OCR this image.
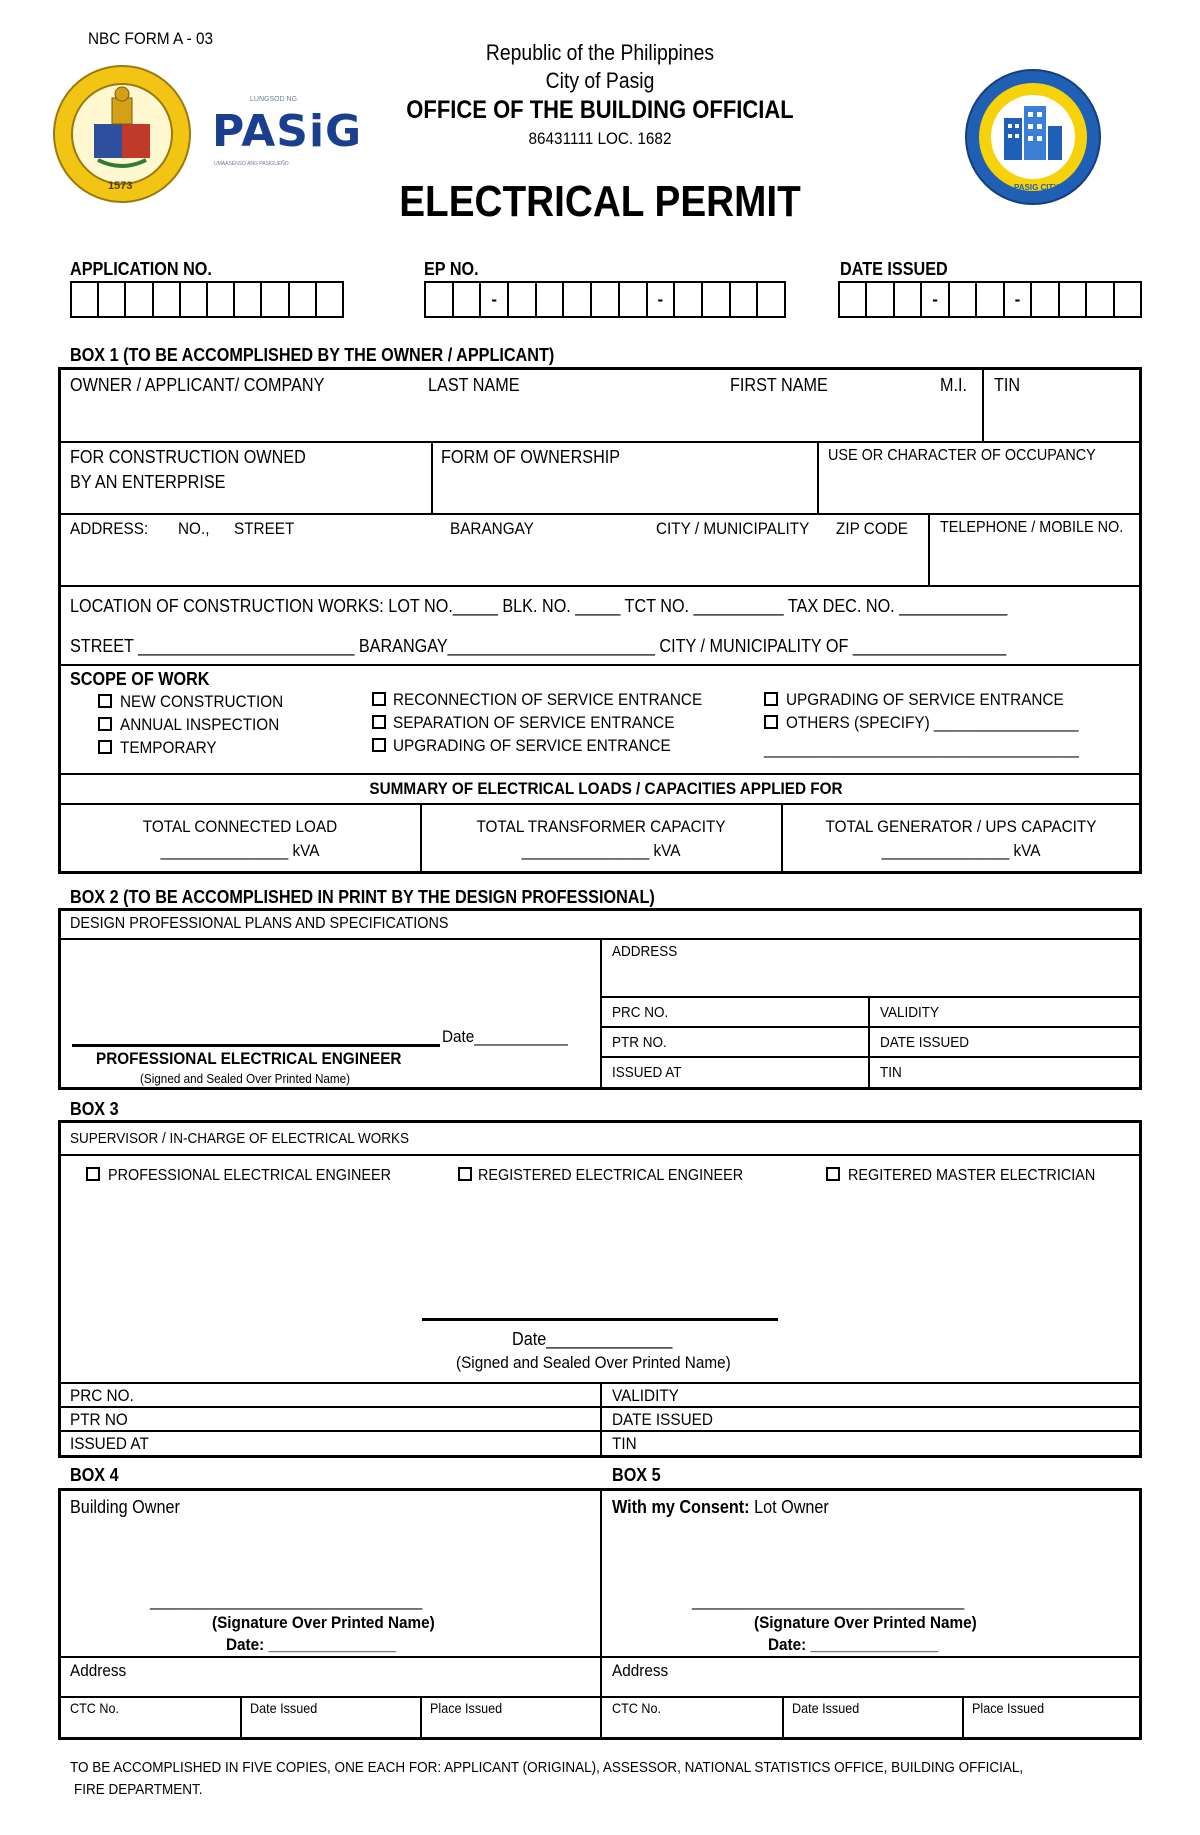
NBC FORM A - 03
1573
LUNGSOD NG
PASiG
UMAASENSO ANG PASIGUEÑO
Republic of the Philippines
City of Pasig
OFFICE OF THE BUILDING OFFICIAL
86431111 LOC. 1682
ELECTRICAL PERMIT	PASIG CITY
APPLICATION NO.	EP NO.
-	-
DATE ISSUED
-	-
BOX 1 (TO BE ACCOMPLISHED BY THE OWNER / APPLICANT)
OWNER / APPLICANT/ COMPANY	LAST NAME	FIRST NAME	M.I. TIN
FOR CONSTRUCTION OWNED
BY AN ENTERPRISE
FORM OF OWNERSHIP	USE OR CHARACTER OF OCCUPANCY
ADDRESS: NO., STREET	BARANGAY	CITY / MUNICIPALITY ZIP CODE TELEPHONE / MOBILE NO.
LOCATION OF CONSTRUCTION WORKS: LOT NO._____ BLK. NO. _____ TCT NO. __________ TAX DEC. NO. ____________
STREET ________________________ BARANGAY_______________________ CITY / MUNICIPALITY OF _________________
SCOPE OF WORK
NEW CONSTRUCTION
ANNUAL INSPECTION
TEMPORARY
RECONNECTION OF SERVICE ENTRANCE
SEPARATION OF SERVICE ENTRANCE
UPGRADING OF SERVICE ENTRANCE
UPGRADING OF SERVICE ENTRANCE
OTHERS (SPECIFY) _________________
_____________________________________
SUMMARY OF ELECTRICAL LOADS / CAPACITIES APPLIED FOR
TOTAL CONNECTED LOAD
_______________ kVA
TOTAL TRANSFORMER CAPACITY
_______________ kVA
TOTAL GENERATOR / UPS CAPACITY
_______________ kVA
BOX 2 (TO BE ACCOMPLISHED IN PRINT BY THE DESIGN PROFESSIONAL)
DESIGN PROFESSIONAL PLANS AND SPECIFICATIONS
Date___________
PROFESSIONAL ELECTRICAL ENGINEER
(Signed and Sealed Over Printed Name)
ADDRESS
PRC NO.	VALIDITY
PTR NO.	DATE ISSUED
ISSUED AT	TIN
BOX 3
SUPERVISOR / IN-CHARGE OF ELECTRICAL WORKS
PROFESSIONAL ELECTRICAL ENGINEER	REGISTERED ELECTRICAL ENGINEER	REGITERED MASTER ELECTRICIAN
Date______________
(Signed and Sealed Over Printed Name)
PRC NO.	VALIDITY
PTR NO	DATE ISSUED
ISSUED AT	TIN
BOX 4	BOX 5
Building Owner
________________________________
(Signature Over Printed Name)
Date: _______________
Address
CTC No.	Date Issued	Place Issued
With my Consent: Lot Owner
________________________________
(Signature Over Printed Name)
Date: _______________
Address
CTC No.	Date Issued	Place Issued
TO BE ACCOMPLISHED IN FIVE COPIES, ONE EACH FOR: APPLICANT (ORIGINAL), ASSESSOR, NATIONAL STATISTICS OFFICE, BUILDING OFFICIAL,
FIRE DEPARTMENT.
